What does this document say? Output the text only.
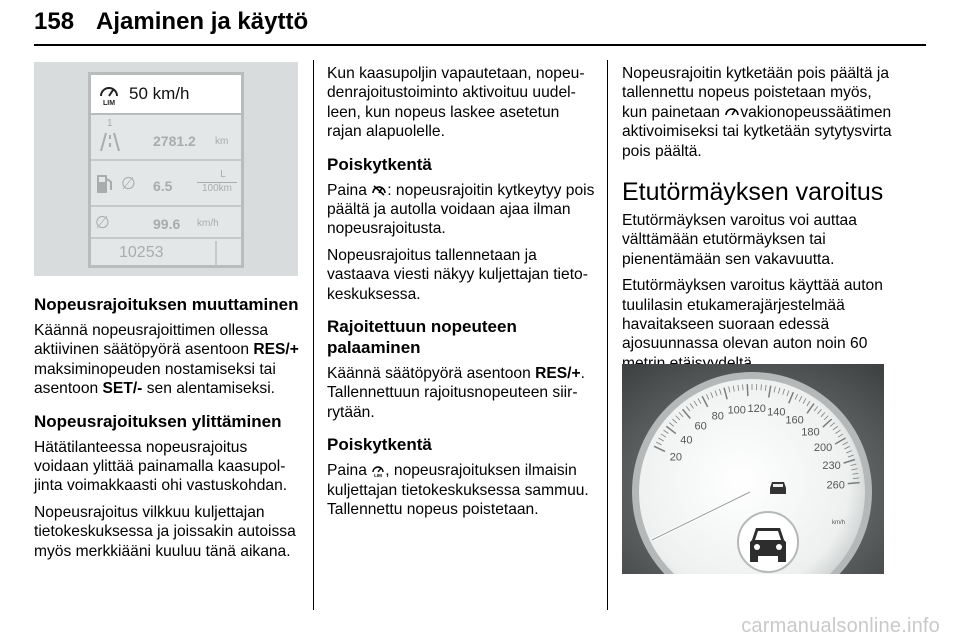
158 Ajaminen ja käyttö
LIM
50 km/h
1
2781.2 km
∅ 6.5
L
100km
∅	99.6 km/h
10253
Nopeusrajoituksen muuttaminen

Käännä nopeusrajoittimen ollessa aktiivinen säätöpyörä asentoon RES/+ maksiminopeuden nostamiseksi tai asentoon SET/- sen alentamiseksi.

Nopeusrajoituksen ylittäminen

Hätätilanteessa nopeusrajoitus voidaan ylittää painamalla kaasupoljinta voimakkaasti ohi vastuskohdan.

Nopeusrajoitus vilkkuu kuljettajan tietokeskuksessa ja joissakin autoissa myös merkkiääni kuuluu tänä aikana.

Kun kaasupoljin vapautetaan, nopeudenrajoitustoiminto aktivoituu uudelleen, kun nopeus laskee asetetun rajan alapuolelle.

Poiskytkentä

Paina : nopeusrajoitin kytkeytyy pois päältä ja autolla voidaan ajaa ilman nopeusrajoitusta.

Nopeusrajoitus tallennetaan ja vastaava viesti näkyy kuljettajan tietokeskuksessa.

Rajoitettuun nopeuteen palaaminen

Käännä säätöpyörä asentoon RES/+. Tallennettuun rajoitusnopeuteen siirrytään.

Poiskytkentä

Paina LIM , nopeusrajoituksen ilmaisin kuljettajan tietokeskuksessa sammuu. Tallennettu nopeus poistetaan.

Nopeusrajoitin kytketään pois päältä ja tallennettu nopeus poistetaan myös, kun painetaan vakionopeussäätimen aktivoimiseksi tai kytketään sytytysvirta pois päältä.

Etutörmäyksen varoitus

Etutörmäyksen varoitus voi auttaa välttämään etutörmäyksen tai pienentämään sen vakavuutta.

Etutörmäyksen varoitus käyttää auton tuulilasin etukamerajärjestelmää havaitakseen suoraan edessä ajosuunnassa olevan auton noin 60

20
40
60
80 100 120 140
160
180
200
230
260
km/h
carmanualsonline.info
